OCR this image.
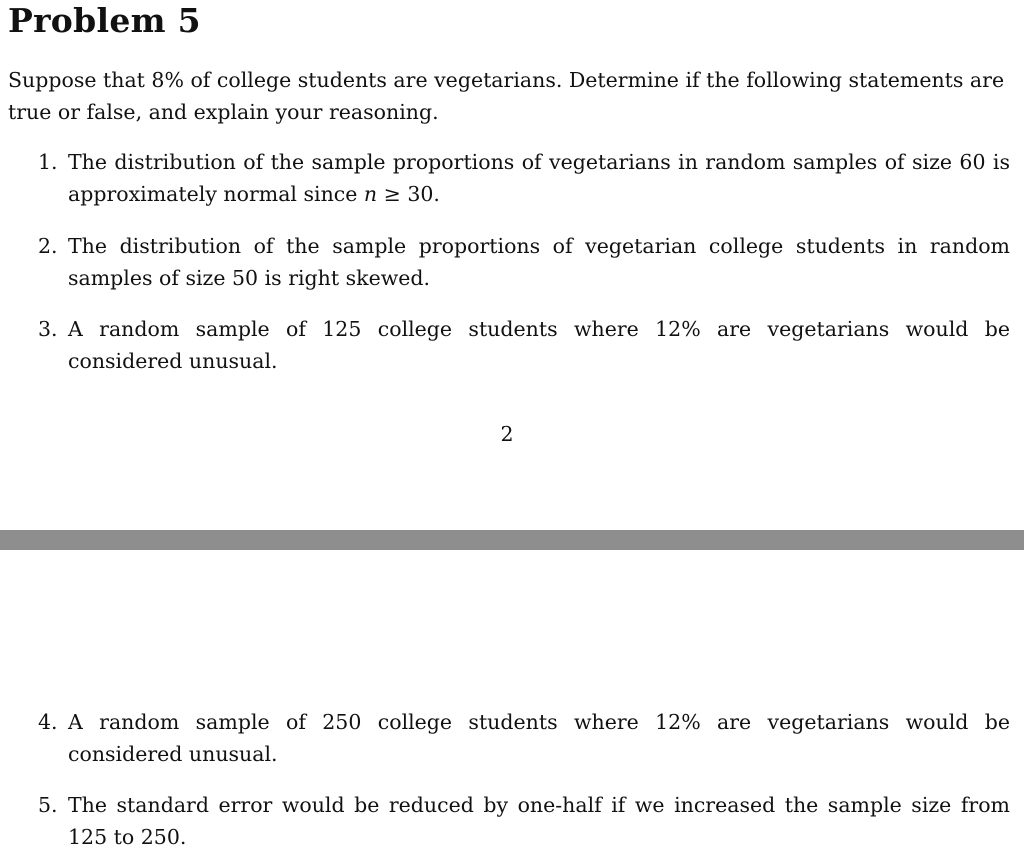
Problem 5
Suppose that 8% of college students are vegetarians. Determine if the following statements are true or false, and explain your reasoning.
1. The distribution of the sample proportions of vegetarians in random samples of size 60 is approximately normal since n ≥ 30.
2. The distribution of the sample proportions of vegetarian college students in random samples of size 50 is right skewed.
3. A random sample of 125 college students where 12% are vegetarians would be considered unusual.
2
4. A random sample of 250 college students where 12% are vegetarians would be considered unusual.
5. The standard error would be reduced by one-half if we increased the sample size from 125 to 250.
